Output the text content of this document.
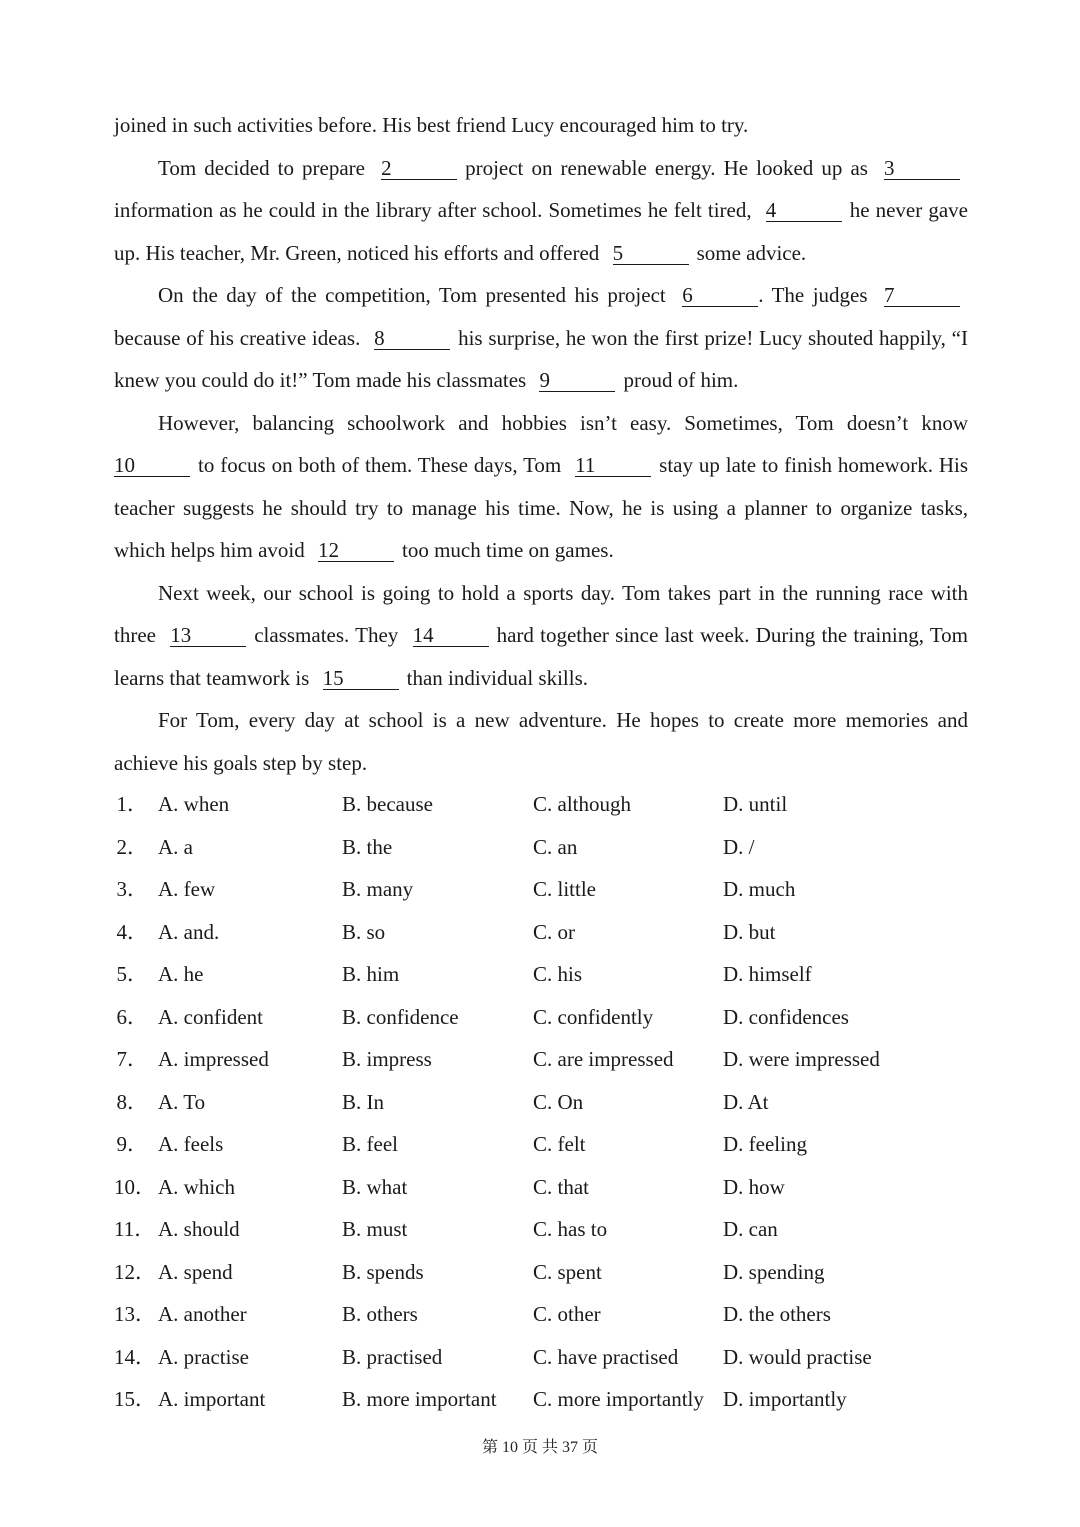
joined in such activities before. His best friend Lucy encouraged him to try.

Tom decided to prepare 2	project on renewable energy. He looked up as 3 information as he could in the library after school. Sometimes he felt tired, 4	he never gave up. His teacher, Mr. Green, noticed his efforts and offered 5	some advice.

On the day of the competition, Tom presented his project 6	. The judges 7 because of his creative ideas. 8	his surprise, he won the first prize! Lucy shouted happily, “I knew you could do it!” Tom made his classmates 9	proud of him.

However, balancing schoolwork and hobbies isn’t easy. Sometimes, Tom doesn’t know 10	to focus on both of them. These days, Tom 11	stay up late to finish homework. His teacher suggests he should try to manage his time. Now, he is using a planner to organize tasks, which helps him avoid 12	too much time on games.

Next week, our school is going to hold a sports day. Tom takes part in the running race with three 13	classmates. They 14	hard together since last week. During the training, Tom learns that teamwork is 15	than individual skills.

For Tom, every day at school is a new adventure. He hopes to create more memories and achieve his goals step by step.

1． A. when	B. because	C. although	D. until
2． A. a	B. the	C. an	D. /
3． A. few	B. many	C. little	D. much
4． A. and.	B. so	C. or	D. but
5． A. he	B. him	C. his	D. himself
6． A. confident	B. confidence	C. confidently	D. confidences
7． A. impressed	B. impress	C. are impressed D. were impressed
8． A. To	B. In	C. On	D. At
9． A. feels	B. feel	C. felt	D. feeling
10． A. which	B. what	C. that	D. how
11． A. should	B. must	C. has to	D. can
12． A. spend	B. spends	C. spent	D. spending
13． A. another	B. others	C. other	D. the others
14． A. practise	B. practised	C. have practised D. would practise
15． A. important	B. more important C. more importantly D. importantly
第 10 页 共 37 页
